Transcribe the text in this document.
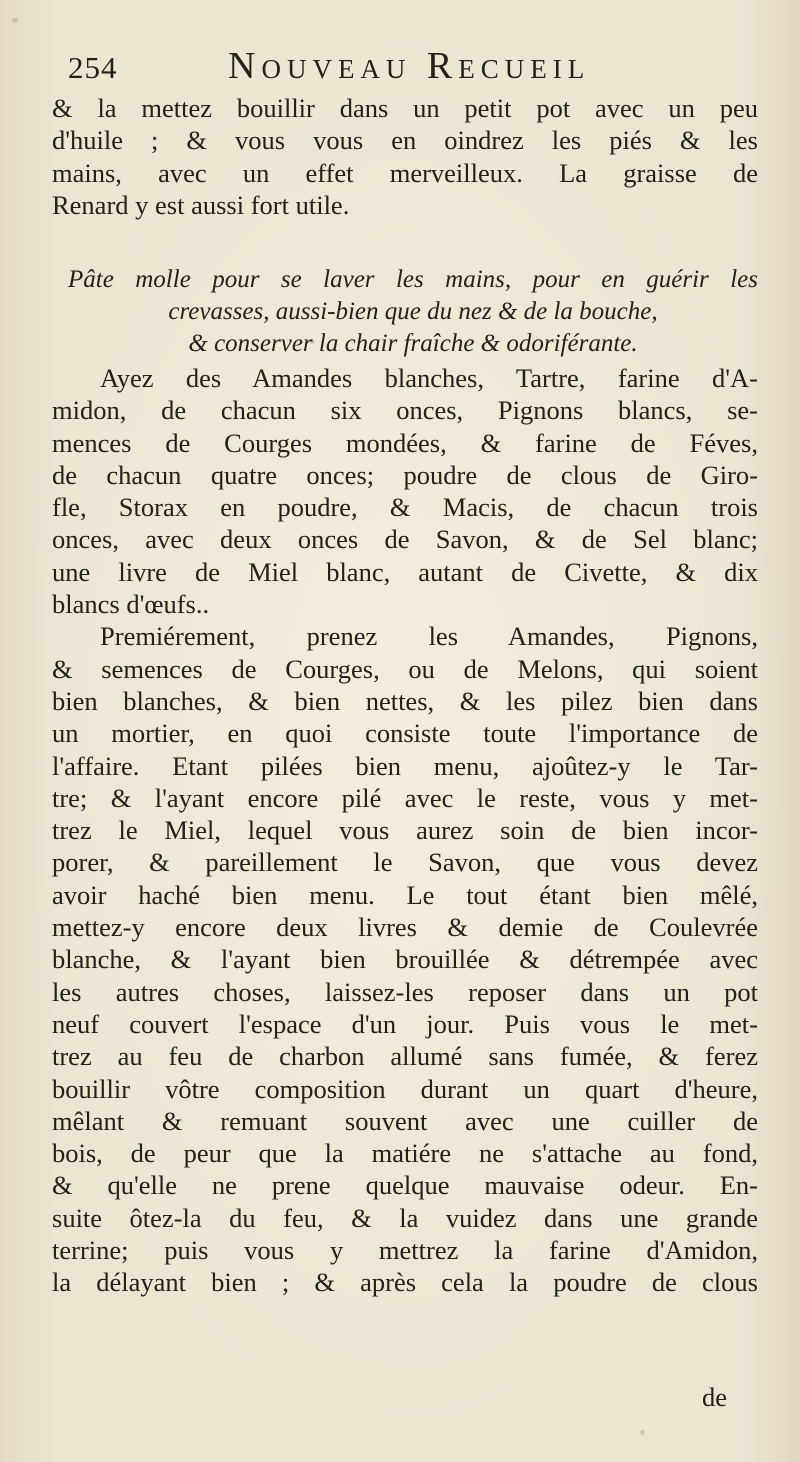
254	Nouveau Recueil
& la mettez bouillir dans un petit pot avec un peu
d'huile ; & vous vous en oindrez les piés & les
mains, avec un effet merveilleux. La graisse de
Renard y est aussi fort utile.
Pâte molle pour se laver les mains, pour en guérir les
crevasses, aussi-bien que du nez & de la bouche,
& conserver la chair fraîche & odoriférante.
Ayez des Amandes blanches, Tartre, farine d'A-
midon, de chacun six onces, Pignons blancs, se-
mences de Courges mondées, & farine de Féves,
de chacun quatre onces; poudre de clous de Giro-
fle, Storax en poudre, & Macis, de chacun trois
onces, avec deux onces de Savon, & de Sel blanc;
une livre de Miel blanc, autant de Civette, & dix
blancs d'œufs..
Premiérement, prenez les Amandes, Pignons,
& semences de Courges, ou de Melons, qui soient
bien blanches, & bien nettes, & les pilez bien dans
un mortier, en quoi consiste toute l'importance de
l'affaire. Etant pilées bien menu, ajoûtez-y le Tar-
tre; & l'ayant encore pilé avec le reste, vous y met-
trez le Miel, lequel vous aurez soin de bien incor-
porer, & pareillement le Savon, que vous devez
avoir haché bien menu. Le tout étant bien mêlé,
mettez-y encore deux livres & demie de Coulevrée
blanche, & l'ayant bien brouillée & détrempée avec
les autres choses, laissez-les reposer dans un pot
neuf couvert l'espace d'un jour. Puis vous le met-
trez au feu de charbon allumé sans fumée, & ferez
bouillir vôtre composition durant un quart d'heure,
mêlant & remuant souvent avec une cuiller de
bois, de peur que la matiére ne s'attache au fond,
& qu'elle ne prene quelque mauvaise odeur. En-
suite ôtez-la du feu, & la vuidez dans une grande
terrine; puis vous y mettrez la farine d'Amidon,
la délayant bien ; & après cela la poudre de clous
de
